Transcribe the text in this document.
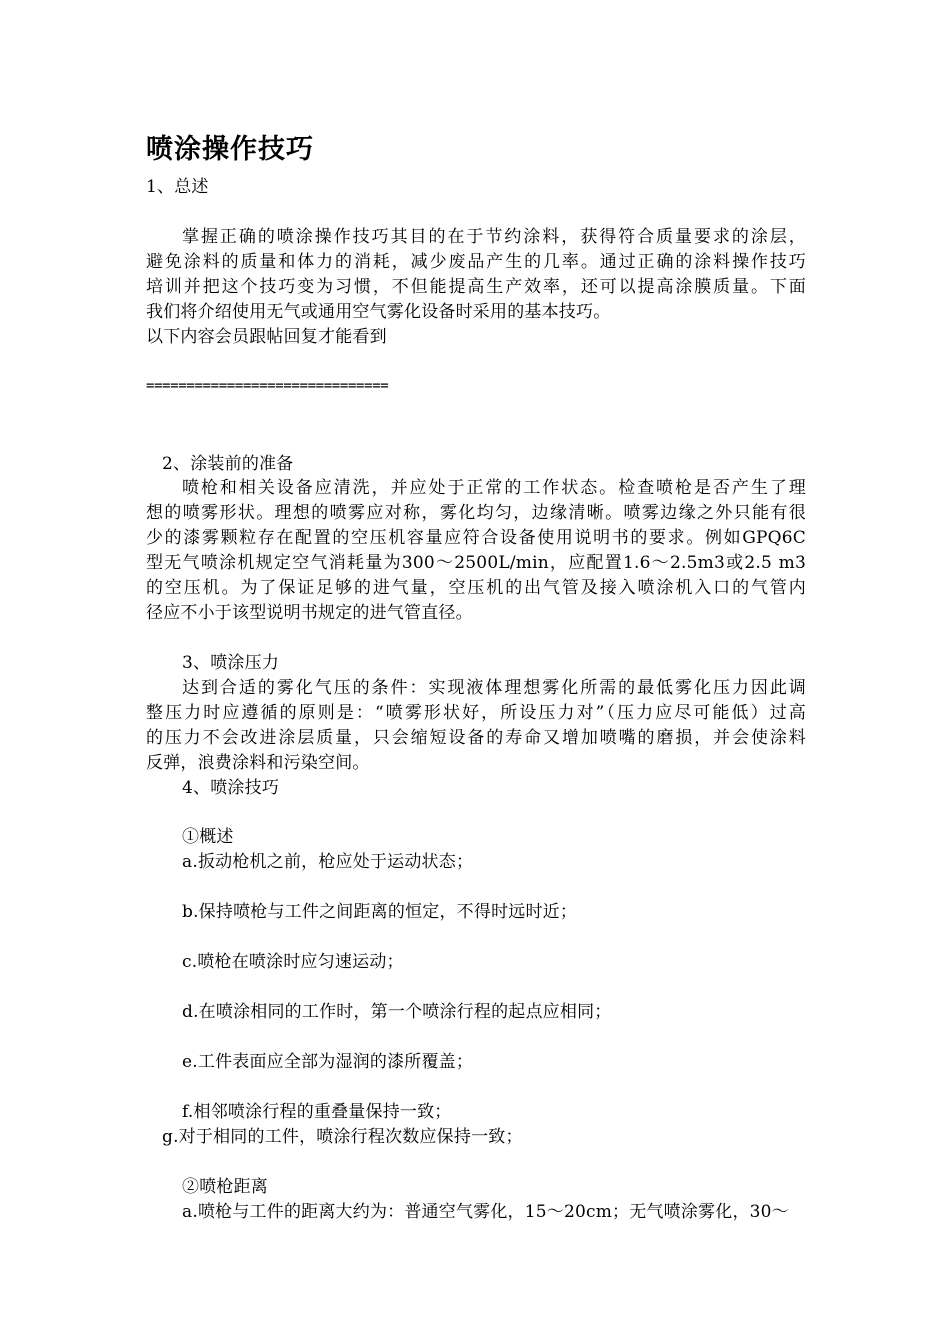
喷涂操作技巧
1、总述
掌握正确的喷涂操作技巧其目的在于节约涂料，获得符合质量要求的涂层，
避免涂料的质量和体力的消耗，减少废品产生的几率。通过正确的涂料操作技巧
培训并把这个技巧变为习惯，不但能提高生产效率，还可以提高涂膜质量。下面
我们将介绍使用无气或通用空气雾化设备时采用的基本技巧。
以下内容会员跟帖回复才能看到
==============================
2、涂装前的准备
喷枪和相关设备应清洗，并应处于正常的工作状态。检查喷枪是否产生了理
想的喷雾形状。理想的喷雾应对称，雾化均匀，边缘清晰。喷雾边缘之外只能有很
少的漆雾颗粒存在配置的空压机容量应符合设备使用说明书的要求。例如GPQ6C
型无气喷涂机规定空气消耗量为300～2500L/min，应配置1.6～2.5m3或2.5 m3
的空压机。为了保证足够的进气量，空压机的出气管及接入喷涂机入口的气管内
径应不小于该型说明书规定的进气管直径。
3、喷涂压力
达到合适的雾化气压的条件：实现液体理想雾化所需的最低雾化压力因此调
整压力时应遵循的原则是：“喷雾形状好，所设压力对”（压力应尽可能低）过高
的压力不会改进涂层质量，只会缩短设备的寿命又增加喷嘴的磨损，并会使涂料
反弹，浪费涂料和污染空间。
4、喷涂技巧
①概述
a.扳动枪机之前，枪应处于运动状态；
b.保持喷枪与工件之间距离的恒定，不得时远时近；
c.喷枪在喷涂时应匀速运动；
d.在喷涂相同的工作时，第一个喷涂行程的起点应相同；
e.工件表面应全部为湿润的漆所覆盖；
f.相邻喷涂行程的重叠量保持一致；
g.对于相同的工件，喷涂行程次数应保持一致；
②喷枪距离
a.喷枪与工件的距离大约为：普通空气雾化，15～20cm；无气喷涂雾化，30～
